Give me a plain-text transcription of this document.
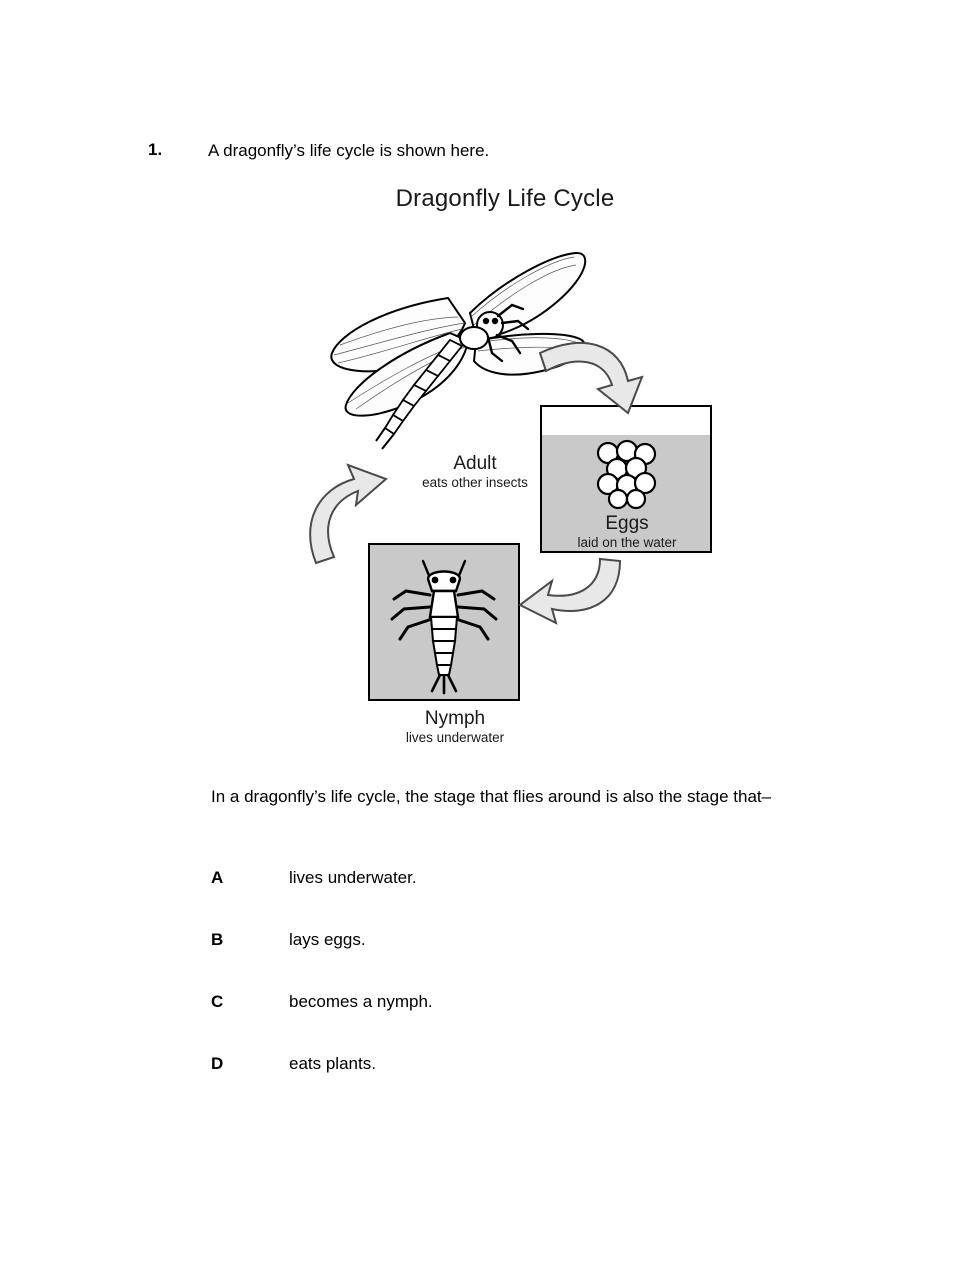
1.	A dragonfly’s life cycle is shown here.
Dragonfly Life Cycle
Adult
eats other insects
Eggs
laid on the water
Nymph
lives underwater
In a dragonfly’s life cycle, the stage that flies around is also the stage that–
A	lives underwater.
B	lays eggs.
C	becomes a nymph.
D	eats plants.
